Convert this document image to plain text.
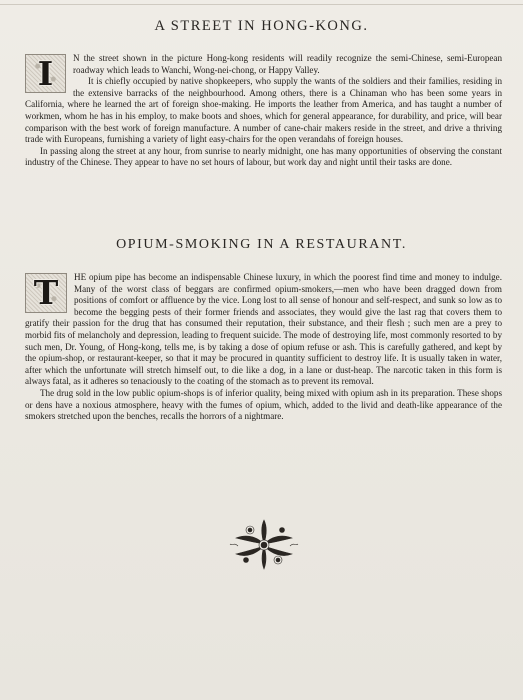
A STREET IN HONG-KONG.

I	N the street shown in the picture Hong-kong residents will readily recognize the semi-Chinese, semi-European roadway which leads to Wanchi, Wong-nei-chong, or Happy Valley.

It is chiefly occupied by native shopkeepers, who supply the wants of the soldiers and their families, residing in the extensive barracks of the neighbourhood. Among others, there is a Chinaman who has been some years in California, where he learned the art of foreign shoe-making. He imports the leather from America, and has taught a number of workmen, whom he has in his employ, to make boots and shoes, which for general appearance, for durability, and price, will bear comparison with the best work of foreign manufacture. A number of cane-chair makers reside in the street, and drive a thriving trade with Europeans, furnishing a variety of light easy-chairs for the open verandahs of foreign houses.

In passing along the street at any hour, from sunrise to nearly midnight, one has many opportunities of observing the constant industry of the Chinese. They appear to have no set hours of labour, but work day and night until their tasks are done.

OPIUM-SMOKING IN A RESTAURANT.

T	HE opium pipe has become an indispensable Chinese luxury, in which the poorest find time and money to indulge. Many of the worst class of beggars are confirmed opium-smokers,—men who have been dragged down from positions of comfort or affluence by the vice. Long lost to all sense of honour and self-respect, and sunk so low as to become the begging pests of their former friends and associates, they would give the last rag that covers them to gratify their passion for the drug that has consumed their reputation, their substance, and their flesh ; such men are a prey to morbid fits of melancholy and depression, leading to frequent suicide. The mode of destroying life, most commonly resorted to by such men, Dr. Young, of Hong-kong, tells me, is by taking a dose of opium refuse or ash. This is carefully gathered, and kept by the opium-shop, or restaurant-keeper, so that it may be procured in quantity sufficient to destroy life. It is usually taken in water, after which the unfortunate will stretch himself out, to die like a dog, in a lane or dust-heap. The narcotic taken in this form is always fatal, as it adheres so tenaciously to the coating of the stomach as to prevent its removal.

The drug sold in the low public opium-shops is of inferior quality, being mixed with opium ash in its preparation. These shops or dens have a noxious atmosphere, heavy with the fumes of opium, which, added to the livid and death-like appearance of the smokers stretched upon the benches, recalls the horrors of a nightmare.
